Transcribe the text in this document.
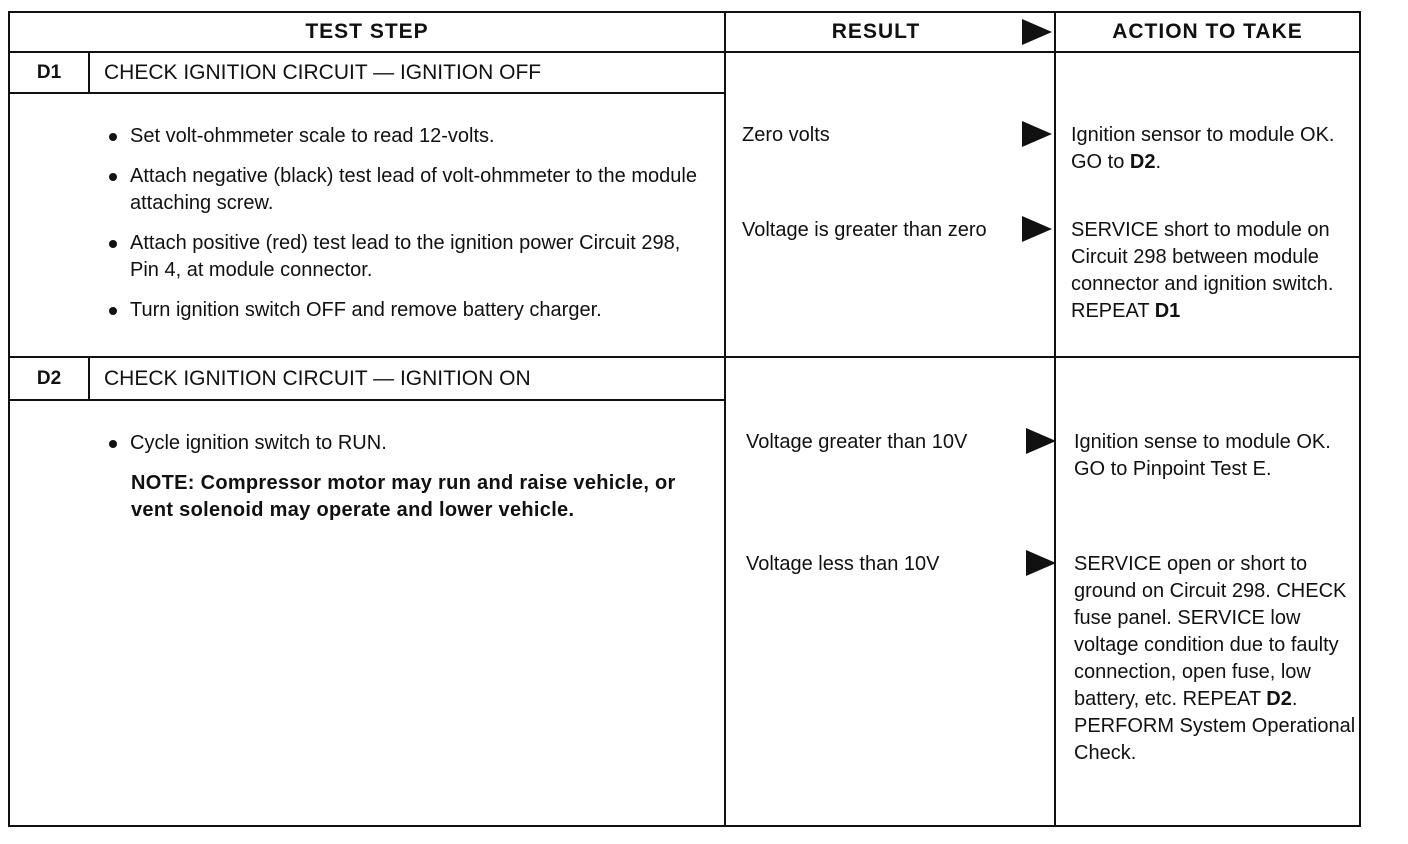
TEST STEP	RESULT	ACTION TO TAKE
D1	CHECK IGNITION CIRCUIT — IGNITION OFF
Set volt-ohmmeter scale to read 12-volts.
Attach negative (black) test lead of volt-ohmmeter to the module attaching screw.
Attach positive (red) test lead to the ignition power Circuit 298, Pin 4, at module connector.
Turn ignition switch OFF and remove battery charger.
Zero volts	Ignition sensor to module OK. GO to D2.
Voltage is greater than zero	SERVICE short to module on Circuit 298 between module connector and ignition switch. REPEAT D1
D2	CHECK IGNITION CIRCUIT — IGNITION ON
Cycle ignition switch to RUN.
NOTE: Compressor motor may run and raise vehicle, or vent solenoid may operate and lower vehicle.
Voltage greater than 10V	Ignition sense to module OK. GO to Pinpoint Test E.
Voltage less than 10V	SERVICE open or short to ground on Circuit 298. CHECK fuse panel. SERVICE low voltage condition due to faulty connection, open fuse, low battery, etc. REPEAT D2. PERFORM System Operational Check.
